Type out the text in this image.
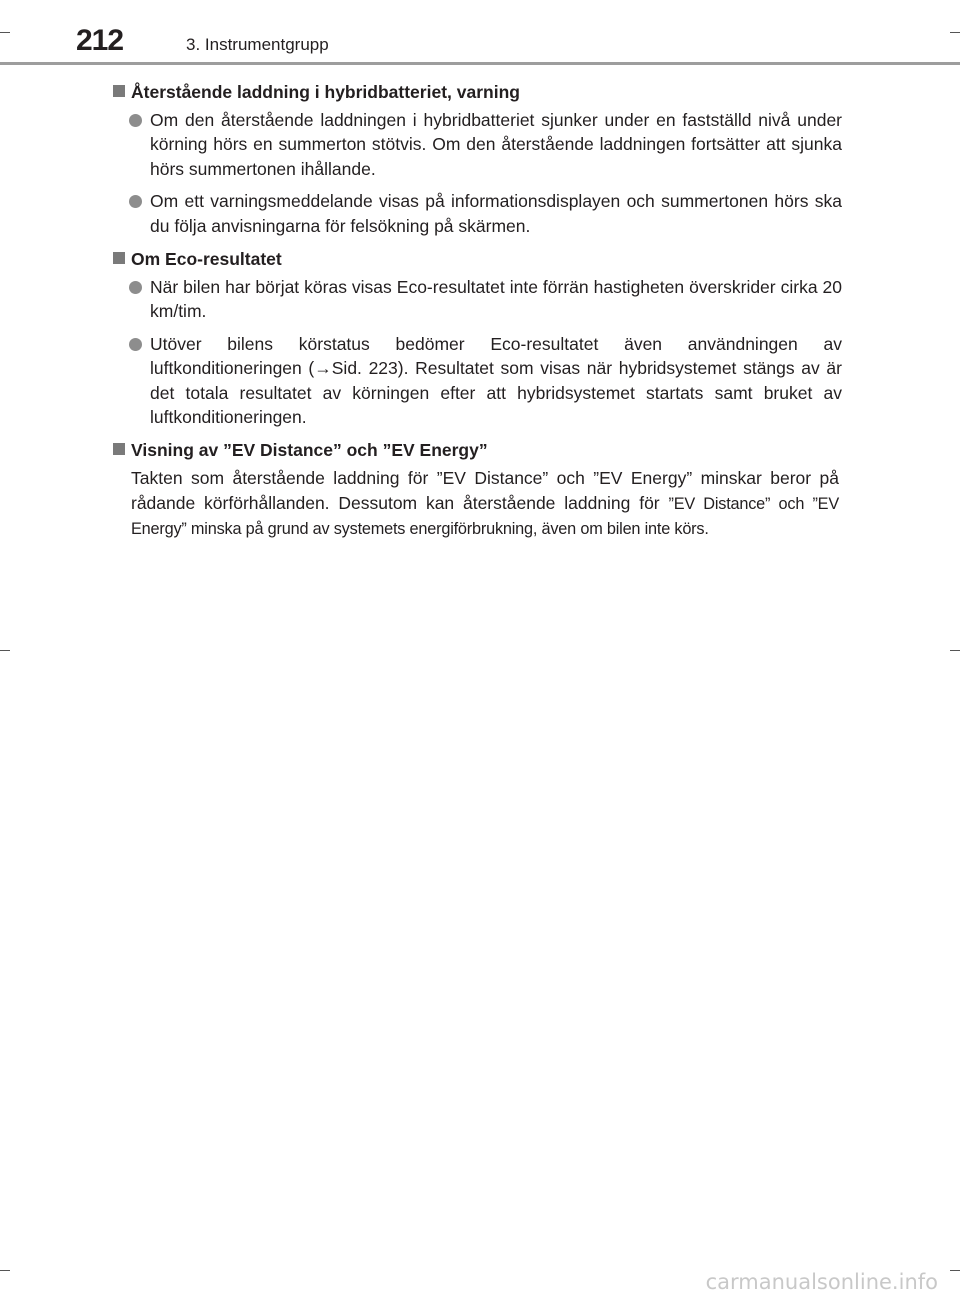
212	3. Instrumentgrupp
Återstående laddning i hybridbatteriet, varning
Om den återstående laddningen i hybridbatteriet sjunker under en fastställd nivå under körning hörs en summerton stötvis. Om den återstående laddningen fortsätter att sjunka hörs summertonen ihållande.
Om ett varningsmeddelande visas på informationsdisplayen och summertonen hörs ska du följa anvisningarna för felsökning på skärmen.
Om Eco-resultatet
När bilen har börjat köras visas Eco-resultatet inte förrän hastigheten överskrider cirka 20 km/tim.
Utöver bilens körstatus bedömer Eco-resultatet även användningen av luftkonditioneringen (→Sid. 223). Resultatet som visas när hybridsystemet stängs av är det totala resultatet av körningen efter att hybridsystemet startats samt bruket av luftkonditioneringen.
Visning av ”EV Distance” och ”EV Energy”
Takten som återstående laddning för ”EV Distance” och ”EV Energy” minskar beror på rådande körförhållanden. Dessutom kan återstående laddning för ”EV Distance” och ”EV Energy” minska på grund av systemets energiförbrukning, även om bilen inte körs.
carmanualsonline.info
